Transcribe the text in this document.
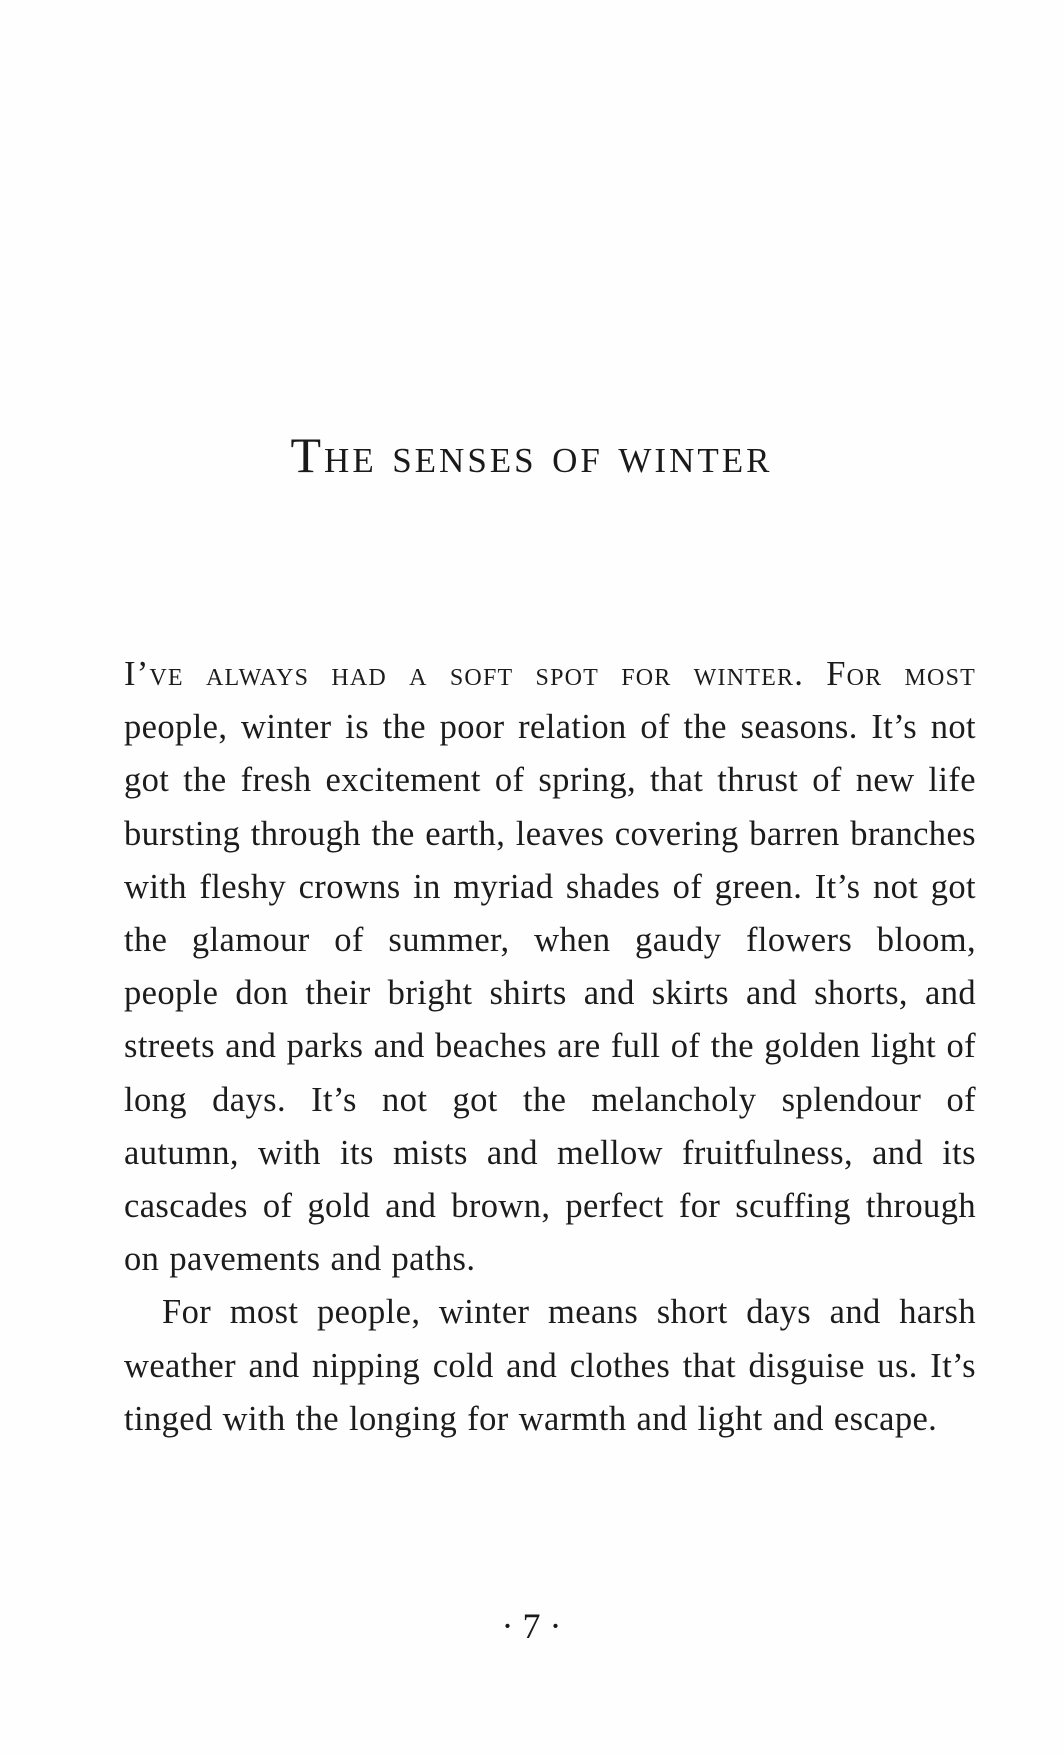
The senses of winter

I’ve always had a soft spot for winter. For most people, winter is the poor relation of the seasons. It’s not got the fresh excitement of spring, that thrust of new life bursting through the earth, leaves covering barren branches with fleshy crowns in myriad shades of green. It’s not got the glamour of summer, when gaudy flowers bloom, people don their bright shirts and skirts and shorts, and streets and parks and beaches are full of the golden light of long days. It’s not got the melancholy splendour of autumn, with its mists and mellow fruitfulness, and its cascades of gold and brown, perfect for scuffing through on pavements and paths.

For most people, winter means short days and harsh weather and nipping cold and clothes that disguise us. It’s tinged with the longing for warmth and light and escape.

· 7 ·
